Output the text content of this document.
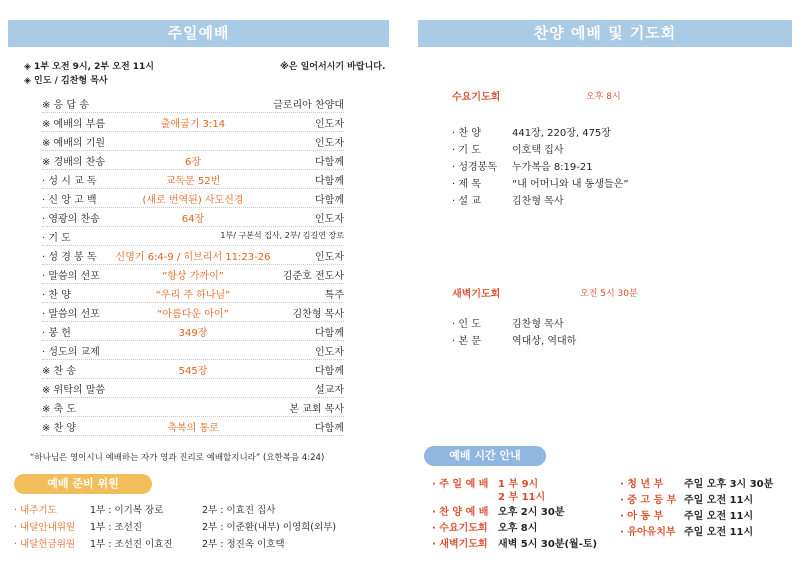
주일예배
◈ 1부 오전 9시, 2부 오전 11시	※은 일어서시기 바랍니다.
◈ 인도 / 김찬형 목사
※ 응 답 송	글로리아 찬양대
※ 예배의 부름	출애굽기 3:14	인도자
※ 예배의 기원	인도자
※ 경배의 찬송	6장	다함께
· 성 시 교 독	교독문 52번	다함께
· 신 앙 고 백	(새로 번역된) 사도신경	다함께
· 영광의 찬송	64장	인도자
· 기 도	1부/ 구본석 집사, 2부/ 김길연 장로
· 성 경 봉 독	신명기 6:4-9 / 히브리서 11:23-26	인도자
· 말씀의 선포	“항상 가까이”	김준호 전도사
· 찬 양	“우리 주 하나님”	특주
· 말씀의 선포	“아름다운 아이”	김찬형 목사
· 봉 헌	349장	다함께
· 성도의 교제	인도자
※ 찬 송	545장	다함께
※ 위탁의 말씀	설교자
※ 축 도	본 교회 목사
※ 찬 양	축복의 통로	다함께
“하나님은 영이시니 예배하는 자가 영과 진리로 예배할지니라” (요한복음 4:24)
예배 준비 위원
· 내주기도	1부 : 이기복 장로	2부 : 이효진 집사
· 내달안내위원 1부 : 조선진	2부 : 이준환(내부) 이영희(외부)
· 내달헌금위원 1부 : 조선진 이효진	2부 : 정진옥 이호택
찬양 예배 및 기도회
수요기도회	오후 8시
· 찬 양	441장, 220장, 475장
· 기 도	이호택 집사
· 성경봉독 누가복음 8:19-21
· 제 목	“내 어머니와 내 동생들은”
· 설 교	김찬형 목사
새벽기도회	오전 5시 30분
· 인 도	김찬형 목사
· 본 문	역대상, 역대하
예배 시간 안내
· 주 일 예 배 1 부 9시
2 부 11시
· 찬 양 예 배 오후 2시 30분
· 수요기도회 오후 8시
· 새벽기도회 새벽 5시 30분(월-토)
· 청 년 부 주일 오후 3시 30분
· 중 고 등 부 주일 오전 11시
· 아 동 부 주일 오전 11시
· 유아유치부 주일 오전 11시
